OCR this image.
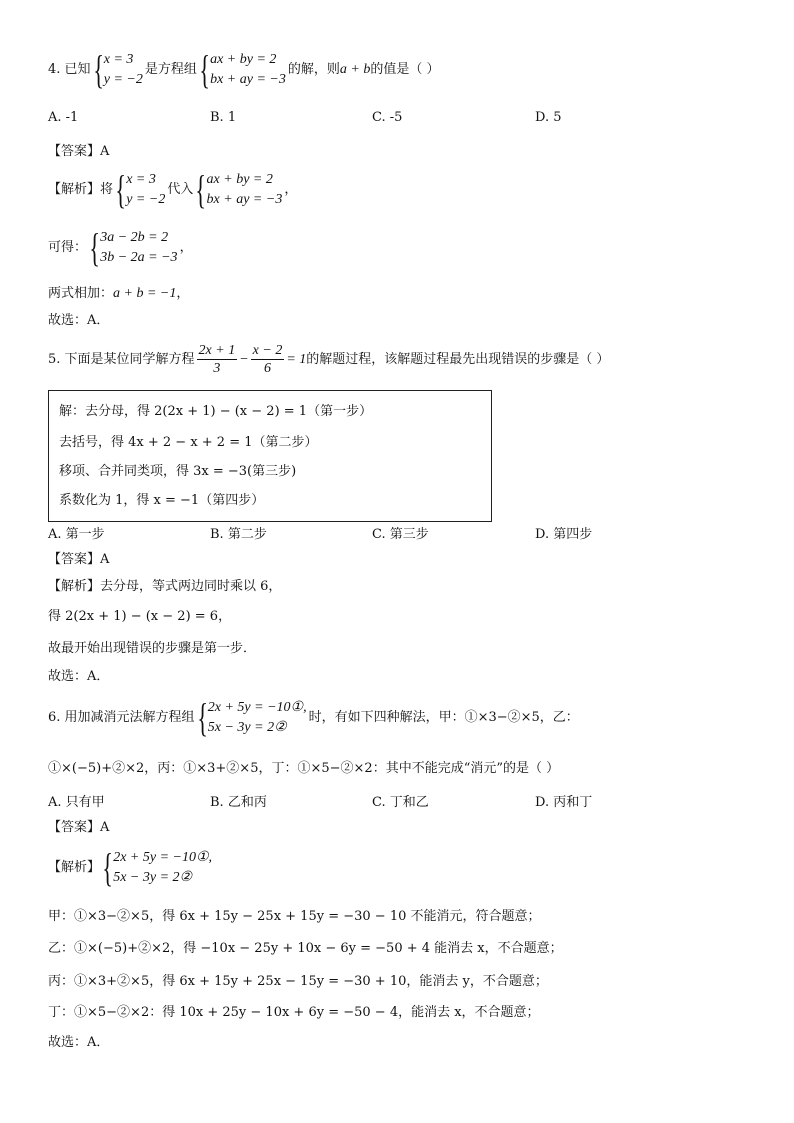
4. 已知 { x = 3
y = −2
是方程组 { ax + by = 2
bx + ay = −3
的解，则 a + b 的值是（ ）
A. -1	B. 1	C. -5	D. 5
【答案】A
【解析】将 { x = 3
y = −2
代入 { ax + by = 2
bx + ay = −3
，
可得： { 3a − 2b = 2
3b − 2a = −3
，
两式相加： a + b = −1 ，
故选：A．
5. 下面是某位同学解方程 $\frac{2x + 1}{3} - \frac{x - 2}{6} = 1$ 的解题过程，该解题过程最先出现错误的步骤是（ ）
解：去分母，得 2(2x + 1) − (x − 2) = 1（第一步）
去括号，得 4x + 2 − x + 2 = 1（第二步）
移项、合并同类项，得 3x = −3(第三步)
系数化为 1，得 x = −1（第四步）
A. 第一步	B. 第二步	C. 第三步	D. 第四步
【答案】A
【解析】去分母，等式两边同时乘以 6，
得 2(2x + 1) − (x − 2) = 6，
故最开始出现错误的步骤是第一步．
故选：A．
6. 用加减消元法解方程组 { 2x + 5y = −10①,
5x − 3y = 2②
时，有如下四种解法，甲：①×3−②×5，乙：
①×(−5)+②×2，丙：①×3+②×5，丁：①×5−②×2：其中不能完成“消元”的是（ ）
A. 只有甲	B. 乙和丙	C. 丁和乙	D. 丙和丁
【答案】A
【解析】 { 2x + 5y = −10①,
5x − 3y = 2②
甲：①×3−②×5，得 6x + 15y − 25x + 15y = −30 − 10 不能消元，符合题意；
乙：①×(−5)+②×2，得 −10x − 25y + 10x − 6y = −50 + 4 能消去 x，不合题意；
丙：①×3+②×5，得 6x + 15y + 25x − 15y = −30 + 10，能消去 y，不合题意；
丁：①×5−②×2：得 10x + 25y − 10x + 6y = −50 − 4，能消去 x，不合题意；
故选：A．
